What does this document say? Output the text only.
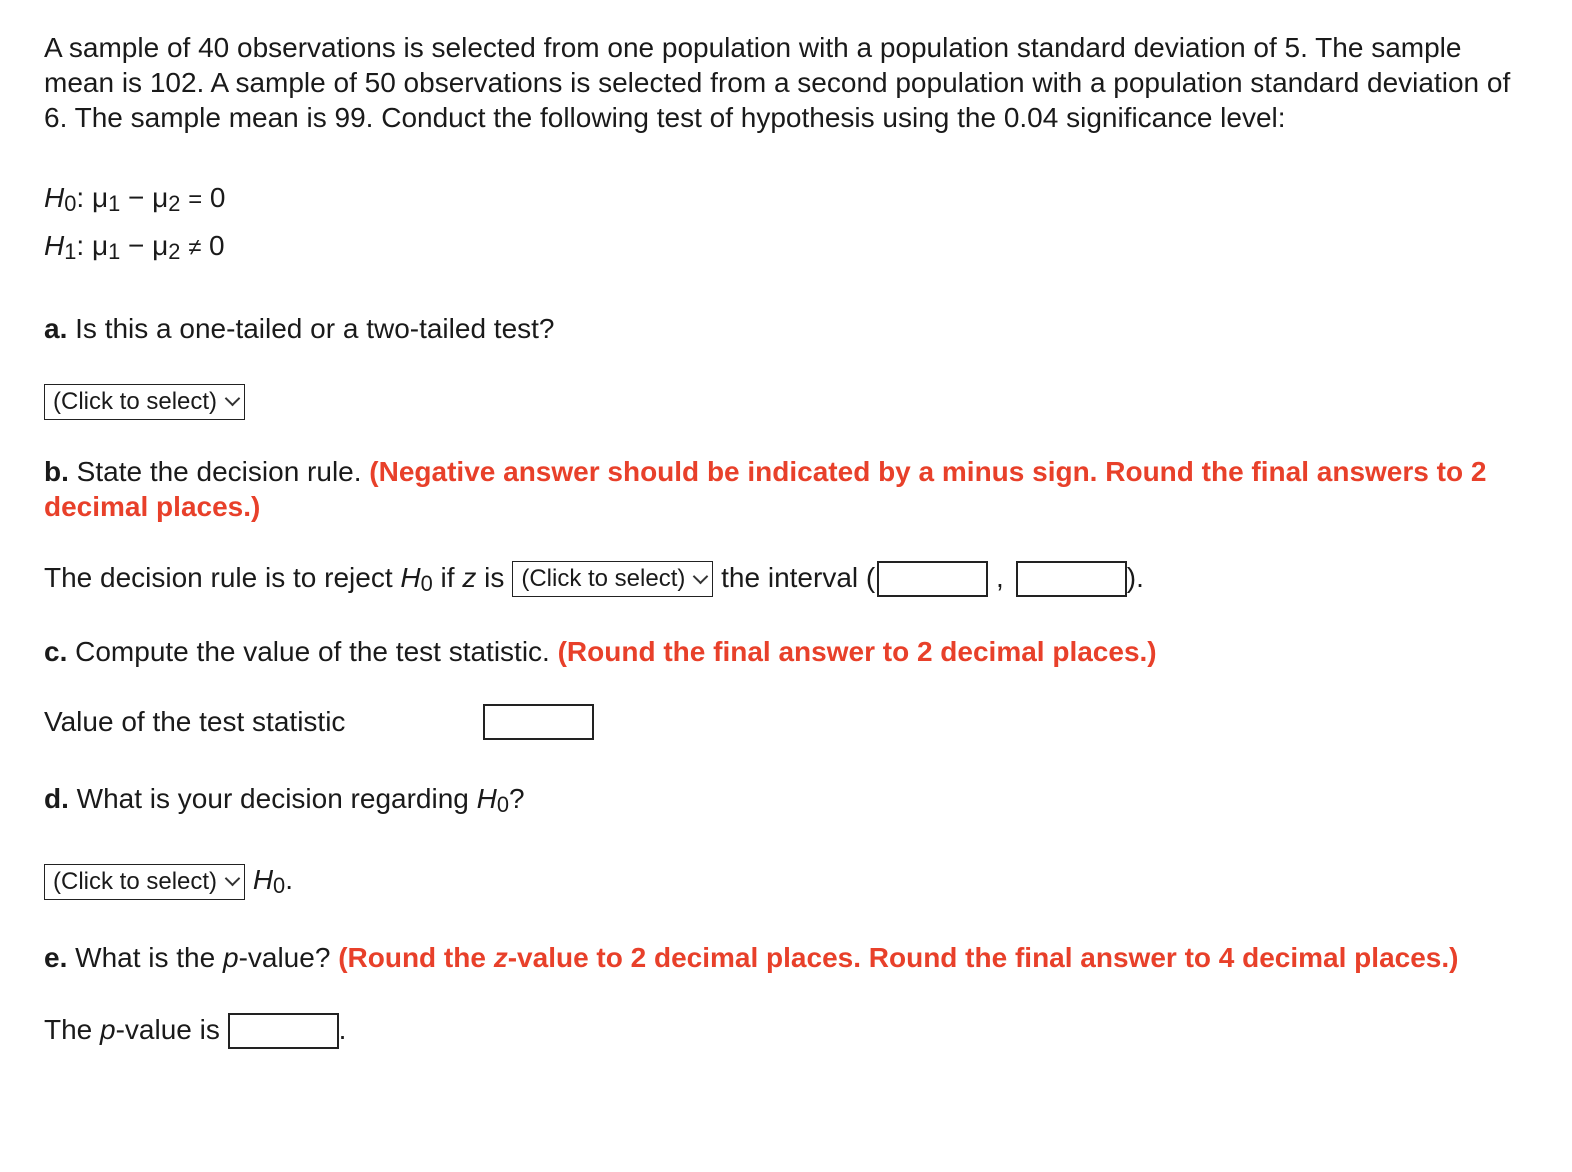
A sample of 40 observations is selected from one population with a population standard deviation of 5. The sample mean is 102. A sample of 50 observations is selected from a second population with a population standard deviation of 6. The sample mean is 99. Conduct the following test of hypothesis using the 0.04 significance level:

H0: μ1 − μ2 = 0
H1: μ1 − μ2 ≠ 0

a. Is this a one-tailed or a two-tailed test?

(Click to select)

b. State the decision rule. (Negative answer should be indicated by a minus sign. Round the final answers to 2 decimal places.)

The decision rule is to reject H0 if z is (Click to select) the interval (	,	).

c. Compute the value of the test statistic. (Round the final answer to 2 decimal places.)

Value of the test statistic

d. What is your decision regarding H0?

(Click to select) H0.

e. What is the p-value? (Round the z-value to 2 decimal places. Round the final answer to 4 decimal places.)

The p-value is	.
